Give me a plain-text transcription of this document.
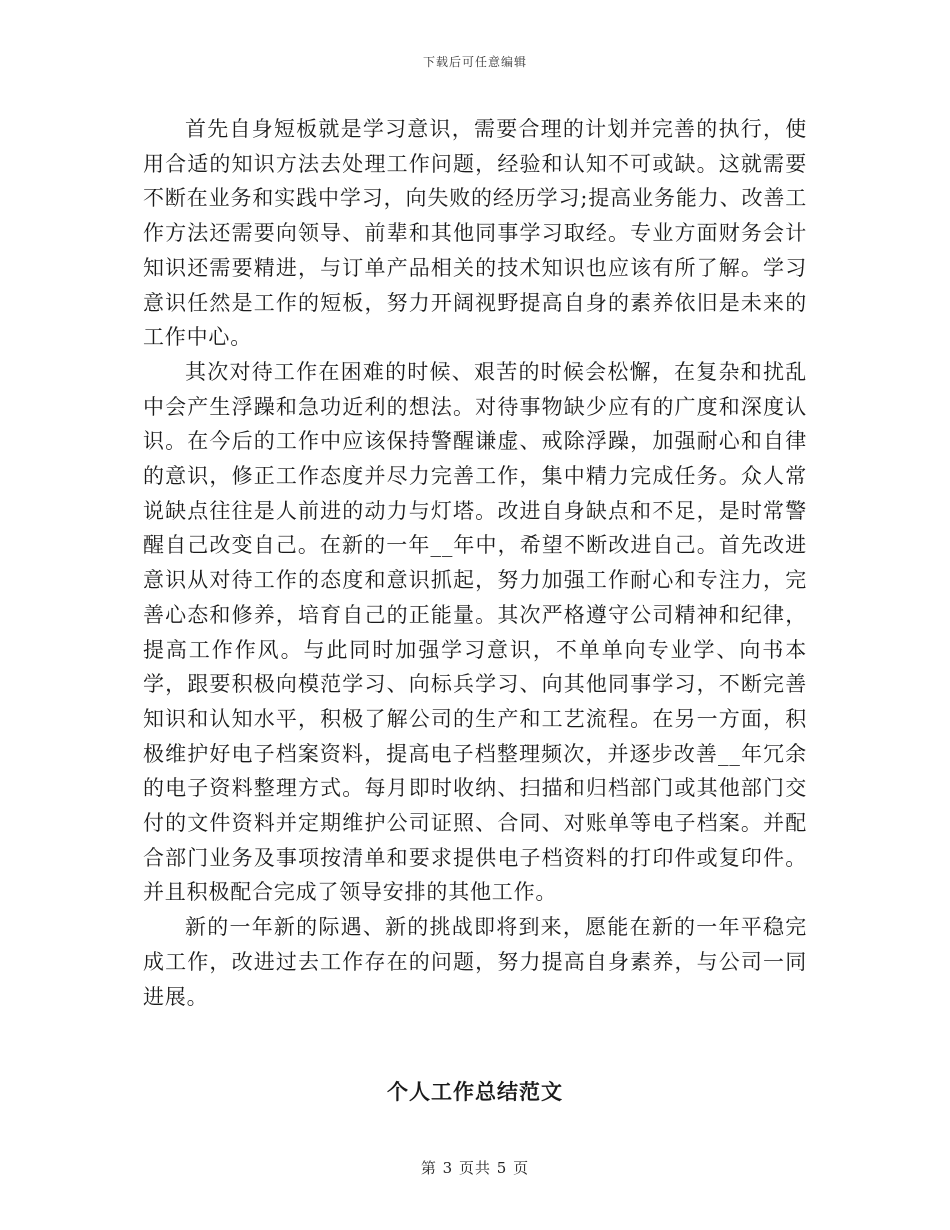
下载后可任意编辑

首先自身短板就是学习意识，需要合理的计划并完善的执行，使用合适的知识方法去处理工作问题，经验和认知不可或缺。这就需要不断在业务和实践中学习，向失败的经历学习;提高业务能力、改善工作方法还需要向领导、前辈和其他同事学习取经。专业方面财务会计知识还需要精进，与订单产品相关的技术知识也应该有所了解。学习意识任然是工作的短板，努力开阔视野提高自身的素养依旧是未来的工作中心。

其次对待工作在困难的时候、艰苦的时候会松懈，在复杂和扰乱中会产生浮躁和急功近利的想法。对待事物缺少应有的广度和深度认识。在今后的工作中应该保持警醒谦虚、戒除浮躁，加强耐心和自律的意识，修正工作态度并尽力完善工作，集中精力完成任务。众人常说缺点往往是人前进的动力与灯塔。改进自身缺点和不足，是时常警醒自己改变自己。在新的一年__年中，希望不断改进自己。首先改进意识从对待工作的态度和意识抓起，努力加强工作耐心和专注力，完善心态和修养，培育自己的正能量。其次严格遵守公司精神和纪律，提高工作作风。与此同时加强学习意识，不单单向专业学、向书本学，跟要积极向模范学习、向标兵学习、向其他同事学习，不断完善知识和认知水平，积极了解公司的生产和工艺流程。在另一方面，积极维护好电子档案资料，提高电子档整理频次，并逐步改善__年冗余的电子资料整理方式。每月即时收纳、扫描和归档部门或其他部门交付的文件资料并定期维护公司证照、合同、对账单等电子档案。并配合部门业务及事项按清单和要求提供电子档资料的打印件或复印件。并且积极配合完成了领导安排的其他工作。

新的一年新的际遇、新的挑战即将到来，愿能在新的一年平稳完成工作，改进过去工作存在的问题，努力提高自身素养，与公司一同进展。

个人工作总结范文
第 3 页共 5 页
